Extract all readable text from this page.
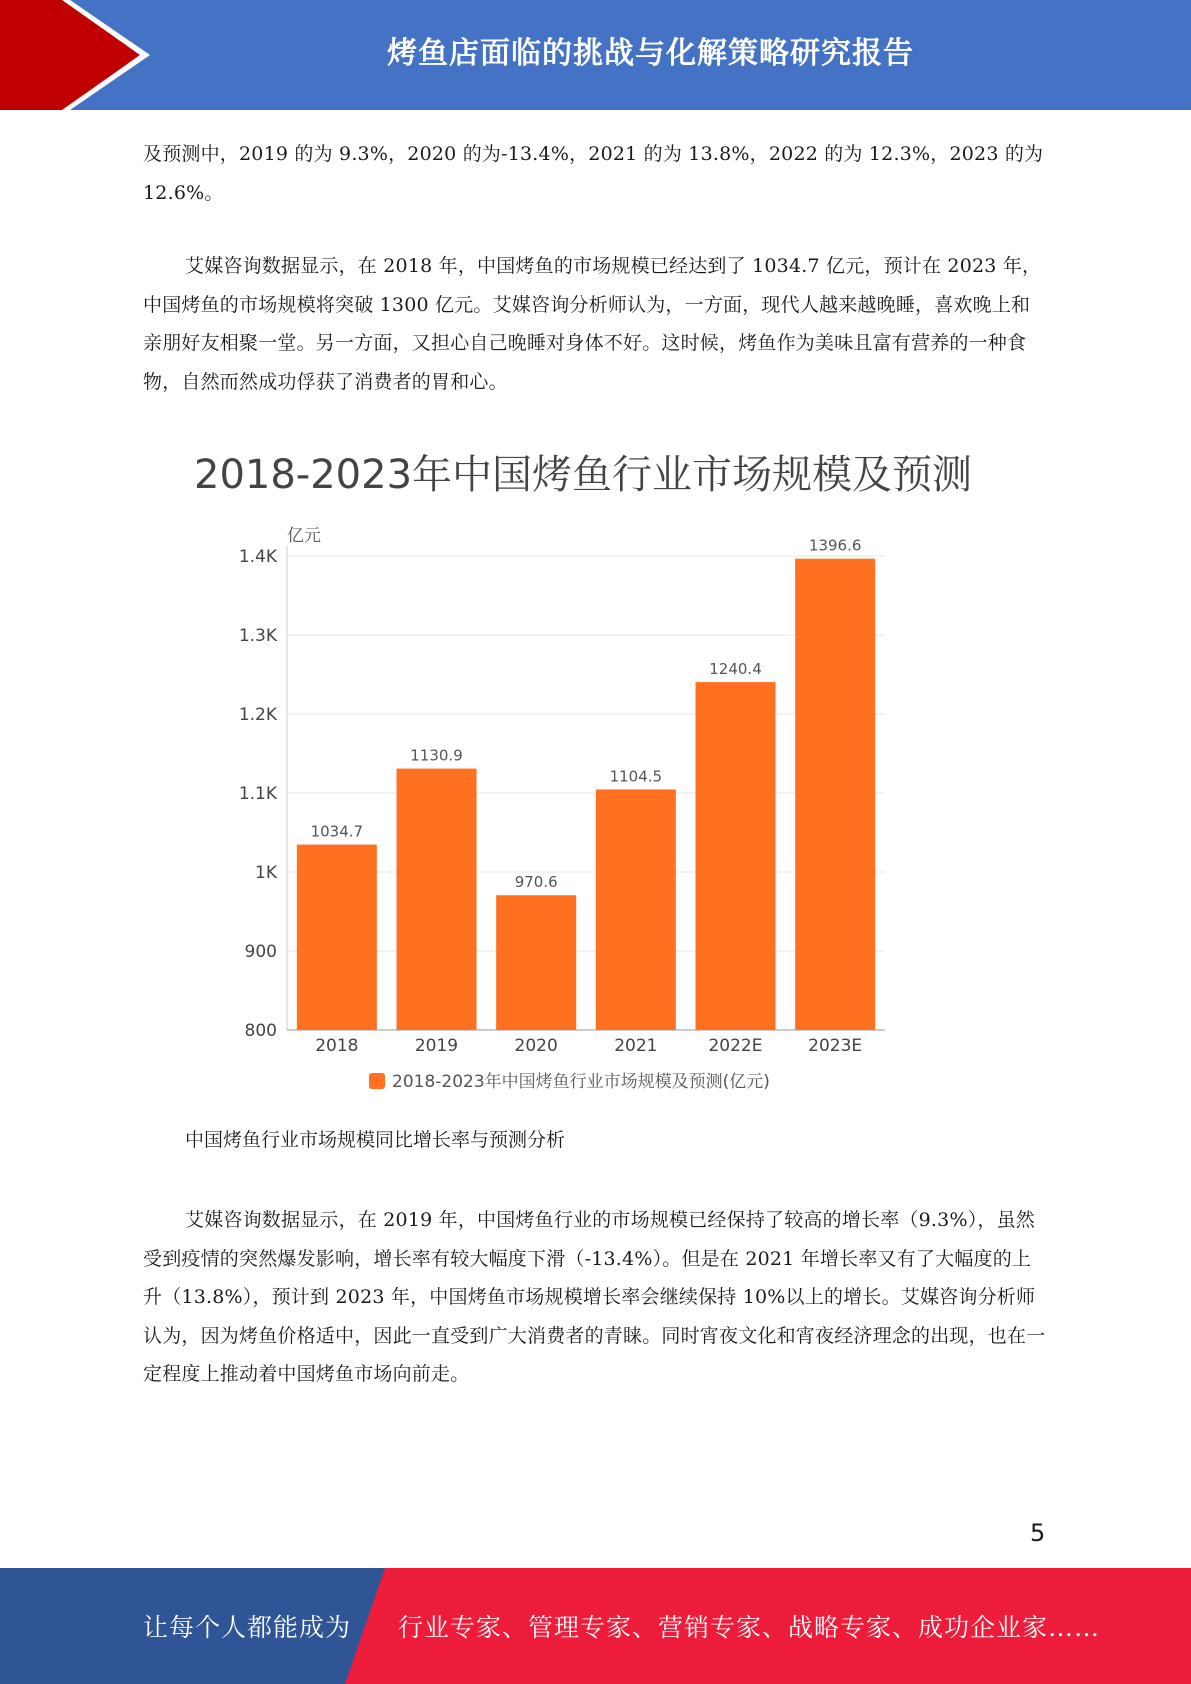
烤鱼店面临的挑战与化解策略研究报告

及预测中，2019 的为 9.3%，2020 的为-13.4%，2021 的为 13.8%，2022 的为 12.3%，2023 的为 12.6%。

艾媒咨询数据显示，在 2018 年，中国烤鱼的市场规模已经达到了 1034.7 亿元，预计在 2023 年，中国烤鱼的市场规模将突破 1300 亿元。艾媒咨询分析师认为，一方面，现代人越来越晚睡，喜欢晚上和亲朋好友相聚一堂。另一方面，又担心自己晚睡对身体不好。这时候，烤鱼作为美味且富有营养的一种食物，自然而然成功俘获了消费者的胃和心。

2018-2023年中国烤鱼行业市场规模及预测
亿元
800
900
1K
1.1K
1.2K
1.3K
1.4K
1034.7
2018
1130.9
2019
970.6
2020
1104.5
2021
1240.4
2022E
1396.6
2023E
2018-2023年中国烤鱼行业市场规模及预测(亿元)

中国烤鱼行业市场规模同比增长率与预测分析

艾媒咨询数据显示，在 2019 年，中国烤鱼行业的市场规模已经保持了较高的增长率（9.3%），虽然受到疫情的突然爆发影响，增长率有较大幅度下滑（-13.4%）。但是在 2021 年增长率又有了大幅度的上升（13.8%），预计到 2023 年，中国烤鱼市场规模增长率会继续保持 10%以上的增长。艾媒咨询分析师认为，因为烤鱼价格适中，因此一直受到广大消费者的青睐。同时宵夜文化和宵夜经济理念的出现，也在一定程度上推动着中国烤鱼市场向前走。

5
让每个人都能成为 行业专家、管理专家、营销专家、战略专家、成功企业家……
